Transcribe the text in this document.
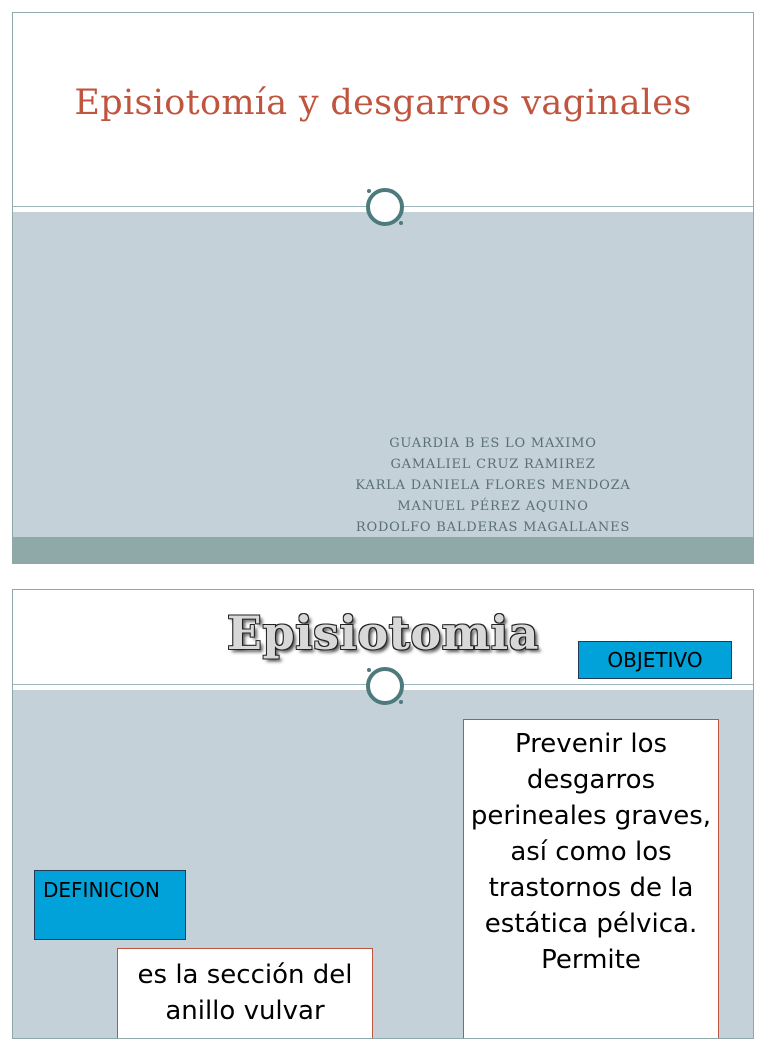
Episiotomía y desgarros vaginales
GUARDIA B ES LO MAXIMO
GAMALIEL CRUZ RAMIREZ
KARLA DANIELA FLORES MENDOZA
MANUEL PÉREZ AQUINO
RODOLFO BALDERAS MAGALLANES
Episiotomia	OBJETIVO
Prevenir los desgarros perineales graves, así como los trastornos de la estática pélvica. Permite
DEFINICION
es la sección del anillo vulvar
